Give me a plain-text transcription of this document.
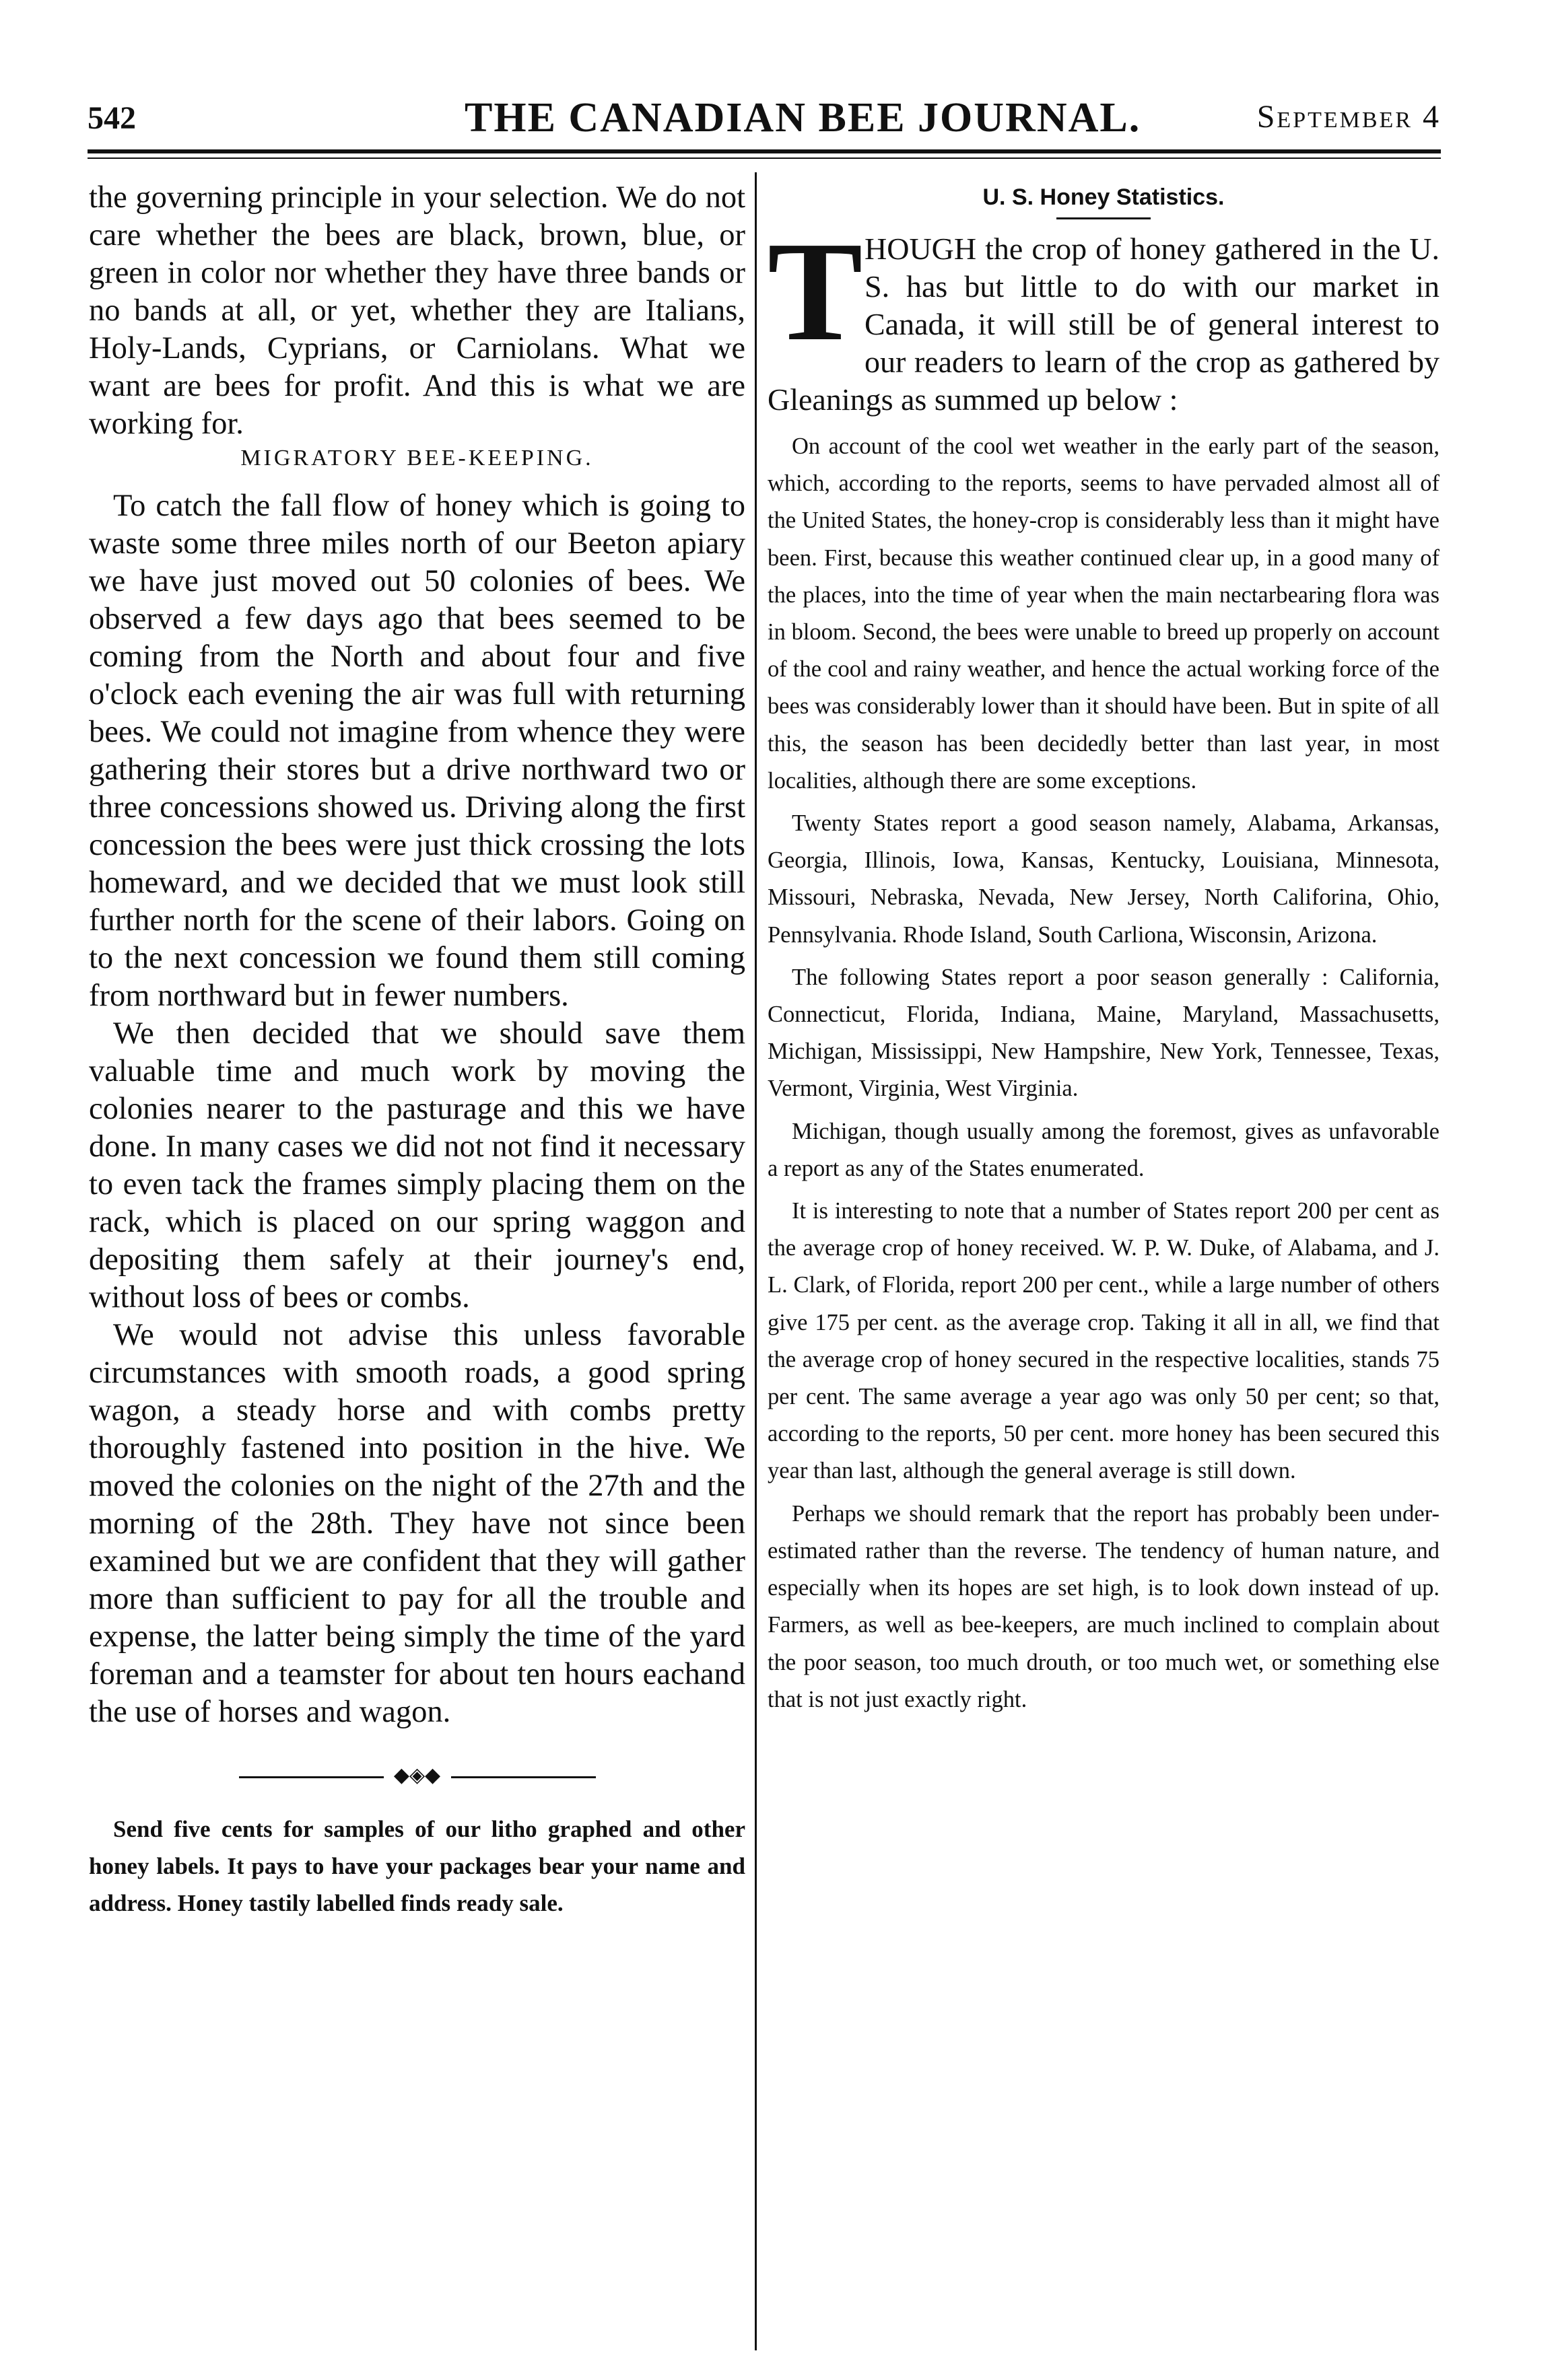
542	THE CANADIAN BEE JOURNAL.	September 4

the governing principle in your selection. We do not care whether the bees are black, brown, blue, or green in color nor whether they have three bands or no bands at all, or yet, whether they are Italians, Holy-Lands, Cyprians, or Carniolans. What we want are bees for profit. And this is what we are working for.

MIGRATORY BEE-KEEPING.

To catch the fall flow of honey which is going to waste some three miles north of our Beeton apiary we have just moved out 50 colonies of bees. We observed a few days ago that bees seemed to be coming from the North and about four and five o'clock each evening the air was full with returning bees. We could not imagine from whence they were gathering their stores but a drive northward two or three concessions showed us. Driving along the first concession the bees were just thick crossing the lots homeward, and we decided that we must look still further north for the scene of their labors. Going on to the next concession we found them still coming from northward but in fewer numbers.

We then decided that we should save them valuable time and much work by moving the colonies nearer to the pasturage and this we have done. In many cases we did not not find it necessary to even tack the frames simply placing them on the rack, which is placed on our spring waggon and depositing them safely at their journey's end, without loss of bees or combs.

We would not advise this unless favorable circumstances with smooth roads, a good spring wagon, a steady horse and with combs pretty thoroughly fastened into position in the hive. We moved the colonies on the night of the 27th and the morning of the 28th. They have not since been examined but we are confident that they will gather more than sufficient to pay for all the trouble and expense, the latter being simply the time of the yard foreman and a teamster for about ten hours eachand the use of horses and wagon.

◆◈◆

Send five cents for samples of our litho graphed and other honey labels. It pays to have your packages bear your name and address. Honey tastily labelled finds ready sale.

U. S. Honey Statistics.
T HOUGH the crop of honey gathered in the U. S. has but little to do with our market in Canada, it will still be of general interest to our readers to learn of the crop as gathered by Gleanings as summed up below :

On account of the cool wet weather in the early part of the season, which, according to the reports, seems to have pervaded almost all of the United States, the honey-crop is considerably less than it might have been. First, because this weather continued clear up, in a good many of the places, into the time of year when the main nectarbearing flora was in bloom. Second, the bees were unable to breed up properly on account of the cool and rainy weather, and hence the actual working force of the bees was considerably lower than it should have been. But in spite of all this, the season has been decidedly better than last year, in most localities, although there are some exceptions.

Twenty States report a good season namely, Alabama, Arkansas, Georgia, Illinois, Iowa, Kansas, Kentucky, Louisiana, Minnesota, Missouri, Nebraska, Nevada, New Jersey, North Califorina, Ohio, Pennsylvania. Rhode Island, South Carliona, Wisconsin, Arizona.

The following States report a poor season generally : California, Connecticut, Florida, Indiana, Maine, Maryland, Massachusetts, Michigan, Mississippi, New Hampshire, New York, Tennessee, Texas, Vermont, Virginia, West Virginia.

Michigan, though usually among the foremost, gives as unfavorable a report as any of the States enumerated.

It is interesting to note that a number of States report 200 per cent as the average crop of honey received. W. P. W. Duke, of Alabama, and J. L. Clark, of Florida, report 200 per cent., while a large number of others give 175 per cent. as the average crop. Taking it all in all, we find that the average crop of honey secured in the respective localities, stands 75 per cent. The same average a year ago was only 50 per cent; so that, according to the reports, 50 per cent. more honey has been secured this year than last, although the general average is still down.

Perhaps we should remark that the report has probably been under-estimated rather than the reverse. The tendency of human nature, and especially when its hopes are set high, is to look down instead of up. Farmers, as well as bee-keepers, are much inclined to complain about the poor season, too much drouth, or too much wet, or something else that is not just exactly right.
